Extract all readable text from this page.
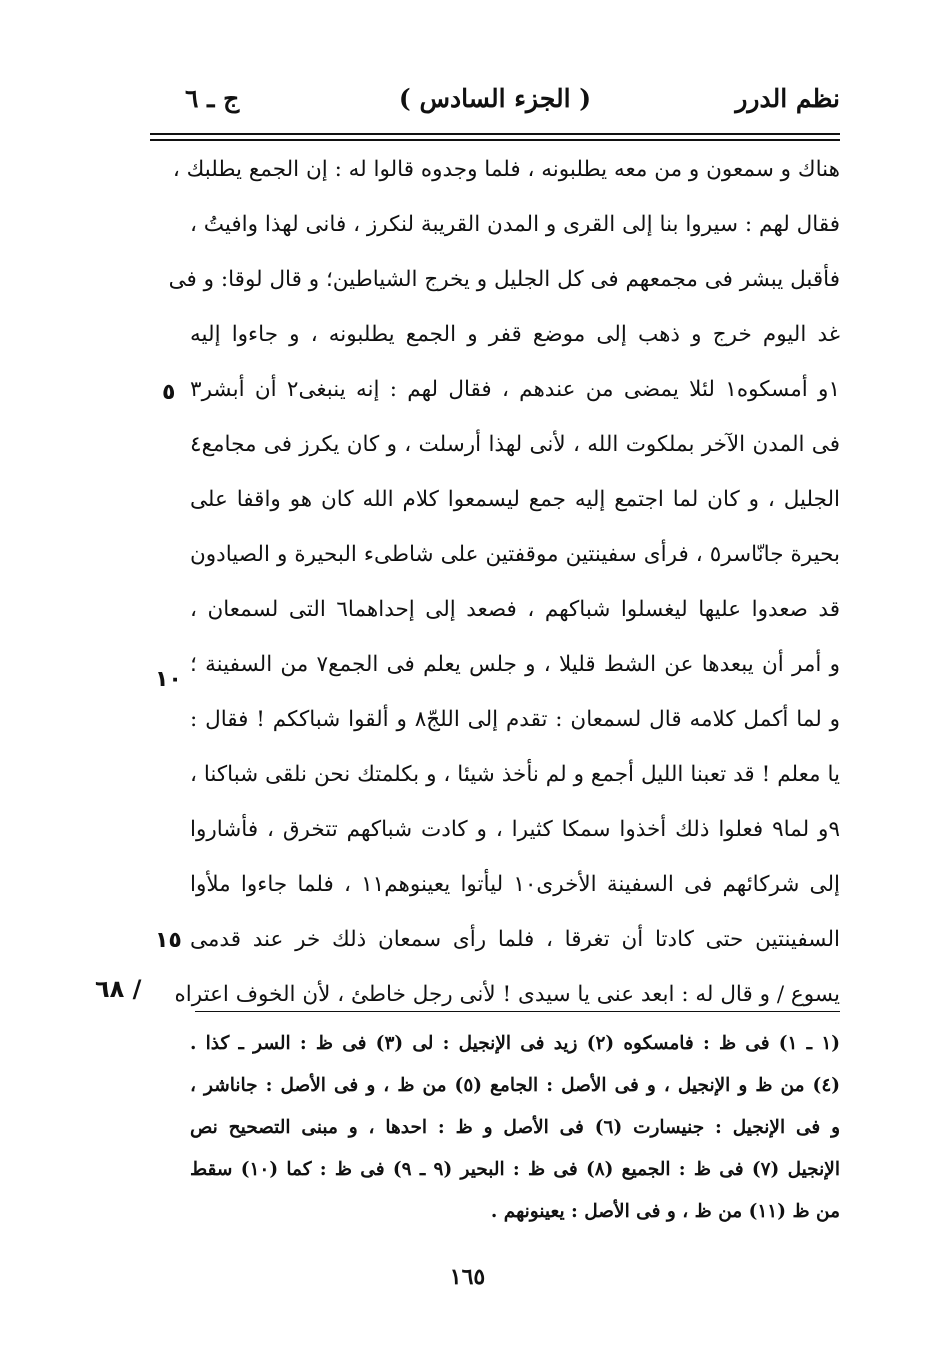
نظم الدرر
( الجزء السادس )
ج ـ ٦
هناك و سمعون و من معه يطلبونه ، فلما وجدوه قالوا له : إن الجمع يطلبك ،
فقال لهم : سيروا بنا إلى القرى و المدن القريبة لنكرز ، فانى لهذا وافيتُ ،
فأقبل يبشر فى مجمعهم فى كل الجليل و يخرج الشياطين؛ و قال لوقا: و فى
غد اليوم خرج و ذهب إلى موضع قفر و الجمع يطلبونه ، و جاءوا إليه
١و أمسكوه١ لئلا يمضى من عندهم ، فقال لهم : إنه ينبغى٢ أن أبشر٣
فى المدن الآخر بملكوت الله ، لأنى لهذا أرسلت ، و كان يكرز فى مجامع٤
الجليل ، و كان لما اجتمع إليه جمع ليسمعوا كلام الله كان هو واقفا على
بحيرة جانّاسر٥ ، فرأى سفينتين موقفتين على شاطىء البحيرة و الصيادون
قد صعدوا عليها ليغسلوا شباكهم ، فصعد إلى إحداهما٦ التى لسمعان ،
و أمر أن يبعدها عن الشط قليلا ، و جلس يعلم فى الجمع٧ من السفينة ؛
و لما أكمل كلامه قال لسمعان : تقدم إلى اللجّ٨ و ألقوا شباككم ! فقال :
يا معلم ! قد تعبنا الليل أجمع و لم نأخذ شيئا ، و بكلمتك نحن نلقى شباكنا ،
٩و لما٩ فعلوا ذلك أخذوا سمكا كثيرا ، و كادت شباكهم تتخرق ، فأشاروا
إلى شركائهم فى السفينة الأخرى١٠ ليأتوا يعينوهم١١ ، فلما جاءوا ملأوا
السفينتين حتى كادتا أن تغرقا ، فلما رأى سمعان ذلك خر عند قدمى
يسوع / و قال له : ابعد عنى يا سيدى ! لأنى رجل خاطئ ، لأن الخوف اعتراه
٥
١٠
١٥
/ ٦٨
(١ ـ ١) فى ظ : فامسكوه (٢) زيد فى الإنجيل : لى (٣) فى ظ : السر ـ كذا .
(٤) من ظ و الإنجيل ، و فى الأصل : الجامع (٥) من ظ ، و فى الأصل : جاناشر ،
و فى الإنجيل : جنيسارت (٦) فى الأصل و ظ : احدها ، و مبنى التصحيح نص
الإنجيل (٧) فى ظ : الجميع (٨) فى ظ : البحير (٩ ـ ٩) فى ظ : كما (١٠) سقط
من ظ (١١) من ظ ، و فى الأصل : يعينونهم .
١٦٥
